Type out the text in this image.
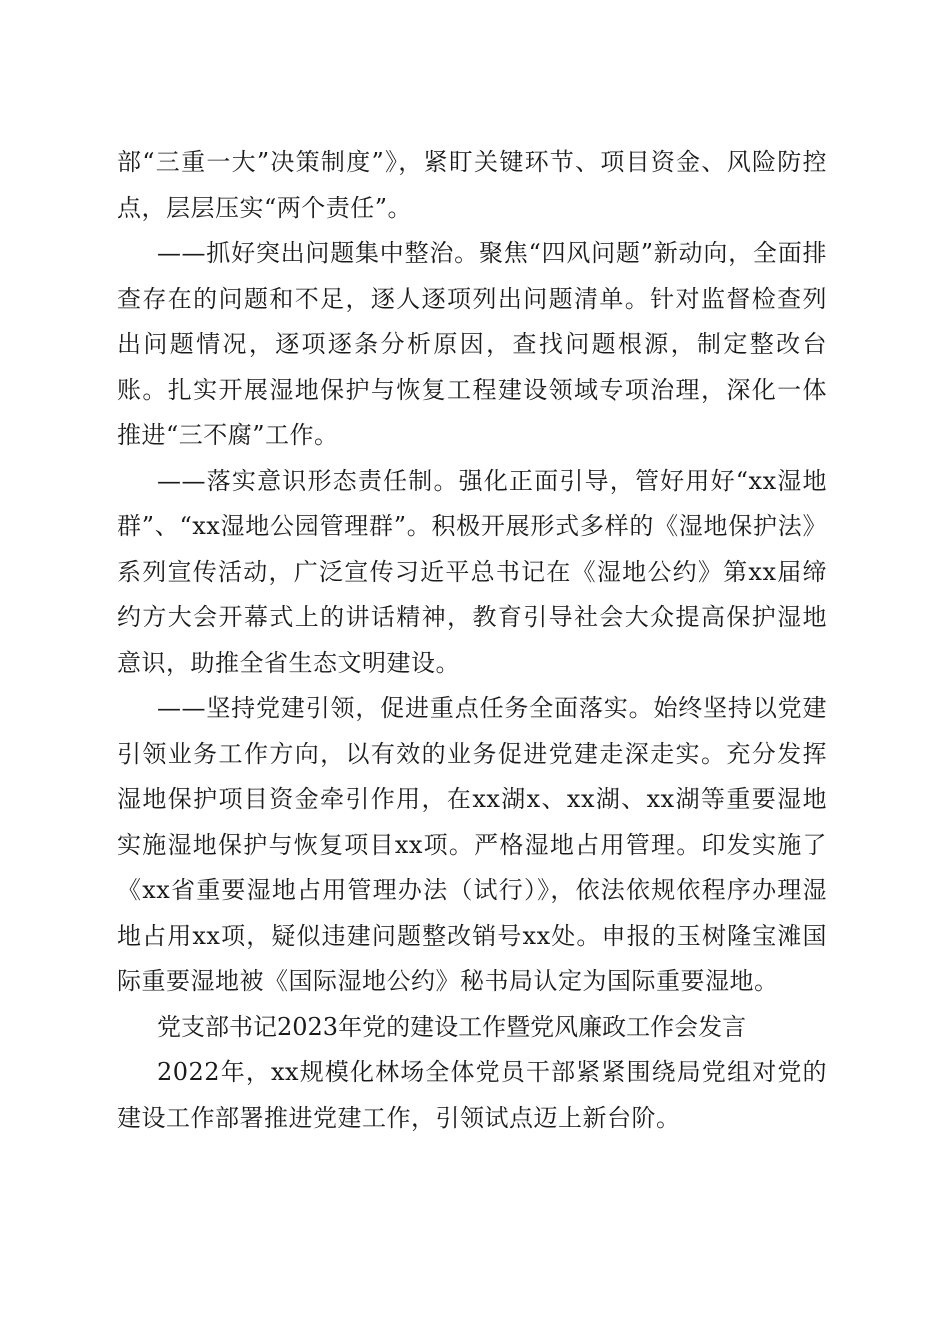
部“三重一大”决策制度”》，紧盯关键环节、项目资金、风险防控点，层层压实“两个责任”。

——抓好突出问题集中整治。聚焦“四风问题”新动向，全面排查存在的问题和不足，逐人逐项列出问题清单。针对监督检查列出问题情况，逐项逐条分析原因，查找问题根源，制定整改台账。扎实开展湿地保护与恢复工程建设领域专项治理，深化一体推进“三不腐”工作。

——落实意识形态责任制。强化正面引导，管好用好“xx湿地群”、“xx湿地公园管理群”。积极开展形式多样的《湿地保护法》系列宣传活动，广泛宣传习近平总书记在《湿地公约》第xx届缔约方大会开幕式上的讲话精神，教育引导社会大众提高保护湿地意识，助推全省生态文明建设。

——坚持党建引领，促进重点任务全面落实。始终坚持以党建引领业务工作方向，以有效的业务促进党建走深走实。充分发挥湿地保护项目资金牵引作用，在xx湖x、xx湖、xx湖等重要湿地实施湿地保护与恢复项目xx项。严格湿地占用管理。印发实施了《xx省重要湿地占用管理办法（试行）》，依法依规依程序办理湿地占用xx项，疑似违建问题整改销号xx处。申报的玉树隆宝滩国际重要湿地被《国际湿地公约》秘书局认定为国际重要湿地。

党支部书记2023年党的建设工作暨党风廉政工作会发言

2022年，xx规模化林场全体党员干部紧紧围绕局党组对党的建设工作部署推进党建工作，引领试点迈上新台阶。
